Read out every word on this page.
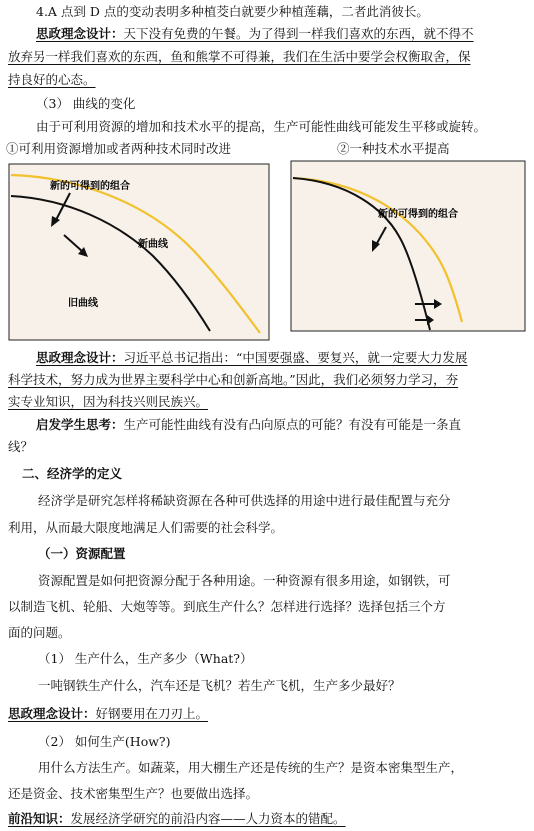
4.A 点到 D 点的变动表明多种植茭白就要少种植莲藕，二者此消彼长。
思政理念设计：天下没有免费的午餐。为了得到一样我们喜欢的东西，就不得不
放弃另一样我们喜欢的东西，鱼和熊掌不可得兼，我们在生活中要学会权衡取舍，保
持良好的心态。
（3） 曲线的变化
由于可利用资源的增加和技术水平的提高，生产可能性曲线可能发生平移或旋转。
①可利用资源增加或者两种技术同时改进	②一种技术水平提高
新的可得到的组合
新曲线
旧曲线
新的可得到的组合
思政理念设计：习近平总书记指出：“中国要强盛、要复兴，就一定要大力发展
科学技术，努力成为世界主要科学中心和创新高地。”因此，我们必须努力学习，夯
实专业知识，因为科技兴则民族兴。
启发学生思考：生产可能性曲线有没有凸向原点的可能？有没有可能是一条直
线？
二、经济学的定义
经济学是研究怎样将稀缺资源在各种可供选择的用途中进行最佳配置与充分
利用，从而最大限度地满足人们需要的社会科学。
（一）资源配置
资源配置是如何把资源分配于各种用途。一种资源有很多用途，如钢铁，可
以制造飞机、轮船、大炮等等。到底生产什么？怎样进行选择？选择包括三个方
面的问题。
（1） 生产什么，生产多少（What?）
一吨钢铁生产什么，汽车还是飞机？若生产飞机，生产多少最好？
思政理念设计：好钢要用在刀刃上。
（2） 如何生产(How?)
用什么方法生产。如蔬菜，用大棚生产还是传统的生产？是资本密集型生产，
还是资金、技术密集型生产？也要做出选择。
前沿知识：发展经济学研究的前沿内容——人力资本的错配。
